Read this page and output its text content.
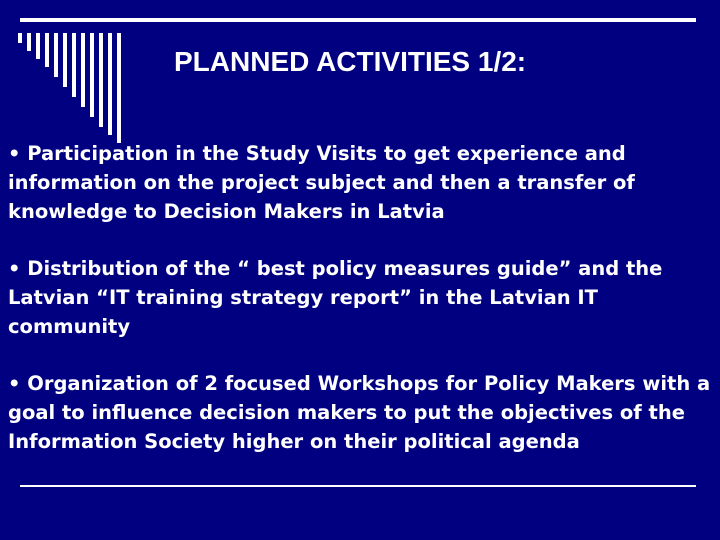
PLANNED ACTIVITIES 1/2:
• Participation in the Study Visits to get experience and information on the project subject and then a transfer of knowledge to Decision Makers in Latvia
• Distribution of the “ best policy measures guide” and the Latvian “IT training strategy report” in the Latvian IT community
• Organization of 2 focused Workshops for Policy Makers with a goal to influence decision makers to put the objectives of the Information Society higher on their political agenda
